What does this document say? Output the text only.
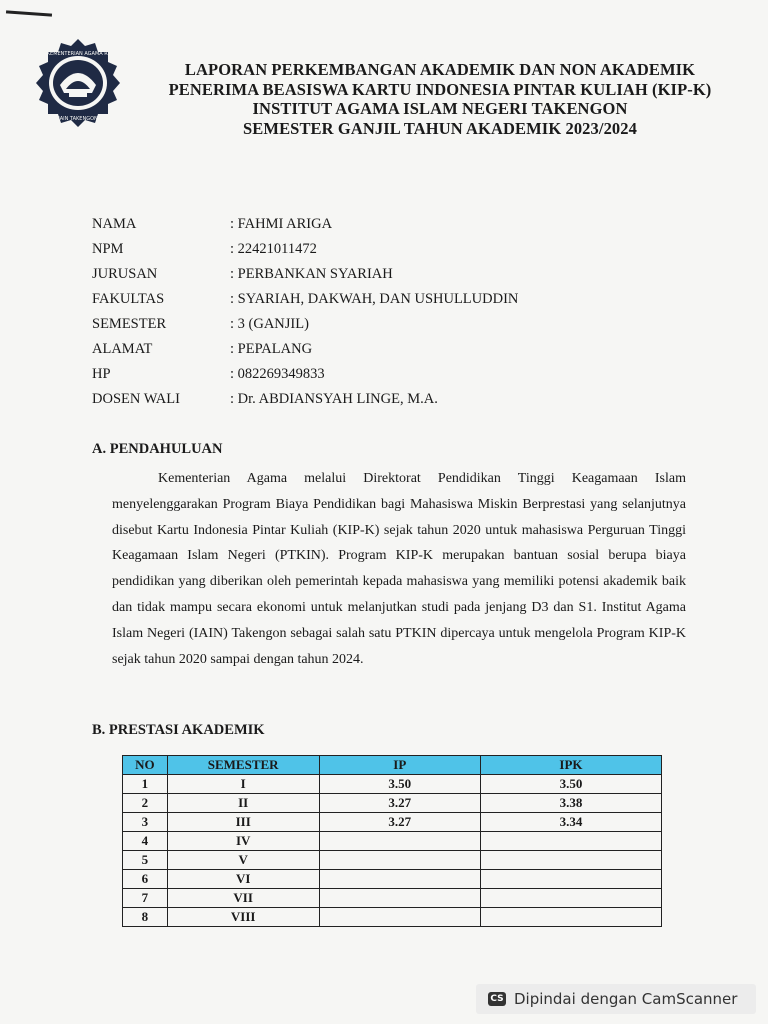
KEMENTERIAN AGAMA RI
IAIN TAKENGON
LAPORAN PERKEMBANGAN AKADEMIK DAN NON AKADEMIK
PENERIMA BEASISWA KARTU INDONESIA PINTAR KULIAH (KIP-K)
INSTITUT AGAMA ISLAM NEGERI TAKENGON
SEMESTER GANJIL TAHUN AKADEMIK 2023/2024
NAMA	: FAHMI ARIGA
NPM	: 22421011472
JURUSAN	: PERBANKAN SYARIAH
FAKULTAS	: SYARIAH, DAKWAH, DAN USHULLUDDIN
SEMESTER	: 3 (GANJIL)
ALAMAT	: PEPALANG
HP	: 082269349833
DOSEN WALI	: Dr. ABDIANSYAH LINGE, M.A.
A. PENDAHULUAN
Kementerian Agama melalui Direktorat Pendidikan Tinggi Keagamaan Islam menyelenggarakan Program Biaya Pendidikan bagi Mahasiswa Miskin Berprestasi yang selanjutnya disebut Kartu Indonesia Pintar Kuliah (KIP-K) sejak tahun 2020 untuk mahasiswa Perguruan Tinggi Keagamaan Islam Negeri (PTKIN). Program KIP-K merupakan bantuan sosial berupa biaya pendidikan yang diberikan oleh pemerintah kepada mahasiswa yang memiliki potensi akademik baik dan tidak mampu secara ekonomi untuk melanjutkan studi pada jenjang D3 dan S1. Institut Agama Islam Negeri (IAIN) Takengon sebagai salah satu PTKIN dipercaya untuk mengelola Program KIP-K sejak tahun 2020 sampai dengan tahun 2024.
B. PRESTASI AKADEMIK
NO	SEMESTER	IP	IPK
1	I	3.50	3.50
2	II	3.27	3.38
3	III	3.27	3.34
4	IV		
5	V		
6	VI		
7	VII		
8	VIII		
CS Dipindai dengan CamScanner
